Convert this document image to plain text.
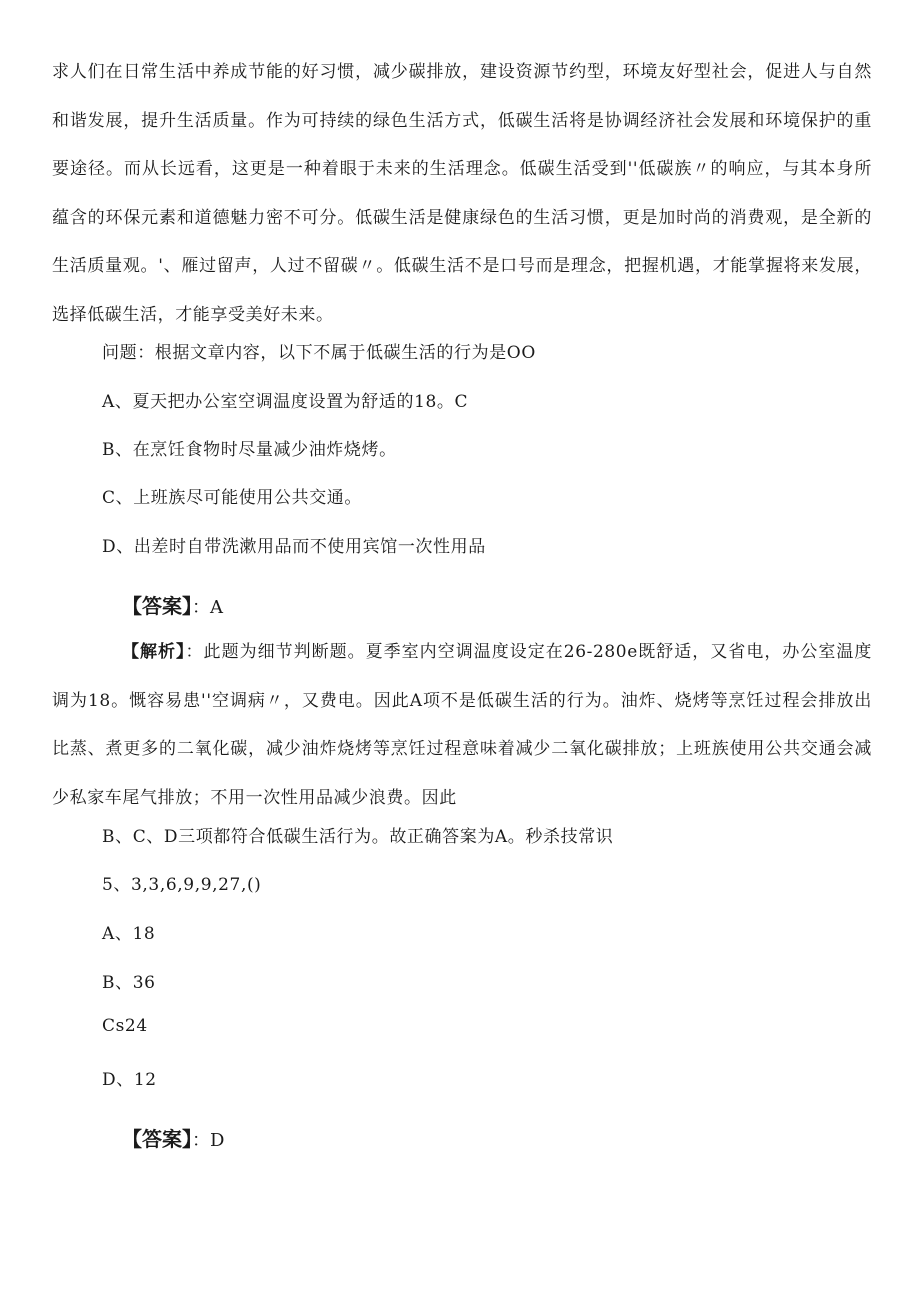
求人们在日常生活中养成节能的好习惯，减少碳排放，建设资源节约型，环境友好型社会，促进人与自然和谐发展，提升生活质量。作为可持续的绿色生活方式，低碳生活将是协调经济社会发展和环境保护的重要途径。而从长远看，这更是一种着眼于未来的生活理念。低碳生活受到''低碳族〃的响应，与其本身所蕴含的环保元素和道德魅力密不可分。低碳生活是健康绿色的生活习惯，更是加时尚的消费观，是全新的生活质量观。'、雁过留声，人过不留碳〃。低碳生活不是口号而是理念，把握机遇，才能掌握将来发展，选择低碳生活，才能享受美好未来。

问题：根据文章内容，以下不属于低碳生活的行为是OO

A、夏天把办公室空调温度设置为舒适的18。C

B、在烹饪食物时尽量减少油炸烧烤。

C、上班族尽可能使用公共交通。

D、出差时自带洗漱用品而不使用宾馆一次性用品

【答案】：A

【解析】：此题为细节判断题。夏季室内空调温度设定在26-280e既舒适，又省电，办公室温度调为18。慨容易患''空调病〃，又费电。因此A项不是低碳生活的行为。油炸、烧烤等烹饪过程会排放出比蒸、煮更多的二氧化碳，减少油炸烧烤等烹饪过程意味着减少二氧化碳排放；上班族使用公共交通会减少私家车尾气排放；不用一次性用品减少浪费。因此

B、C、D三项都符合低碳生活行为。故正确答案为A。秒杀技常识

5、3,3,6,9,9,27,()

A、18

B、36

Cs24

D、12

【答案】：D
